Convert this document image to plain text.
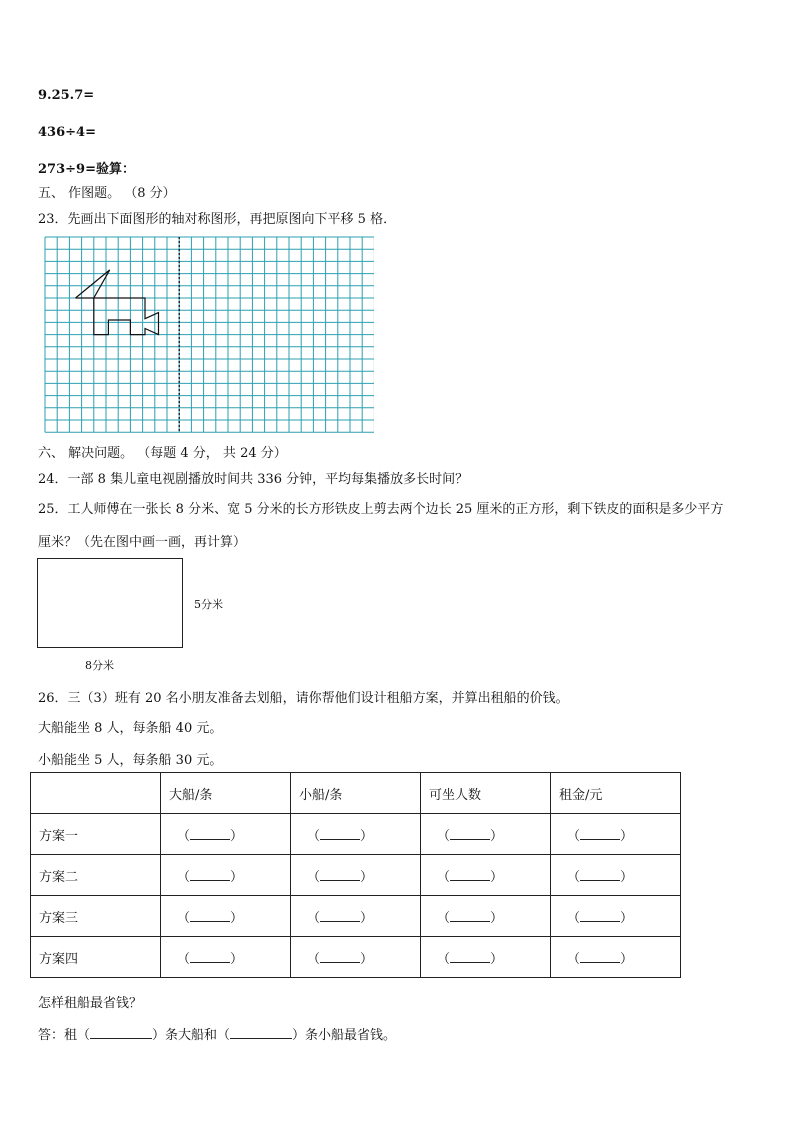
9.25.7=
436÷4=
273÷9=验算：
五、 作图题。 （8 分）
23．先画出下面图形的轴对称图形，再把原图向下平移 5 格．
六、 解决问题。 （每题 4 分， 共 24 分）
24．一部 8 集儿童电视剧播放时间共 336 分钟，平均每集播放多长时间？
25．工人师傅在一张长 8 分米、宽 5 分米的长方形铁皮上剪去两个边长 25 厘米的正方形，剩下铁皮的面积是多少平方
厘米？（先在图中画一画，再计算）
5分米
8分米
26．三（3）班有 20 名小朋友准备去划船，请你帮他们设计租船方案，并算出租船的价钱。
大船能坐 8 人，每条船 40 元。
小船能坐 5 人，每条船 30 元。
	大船/条	小船/条	可坐人数	租金/元
方案一	（ ）	（ ）	（ ）	（ ）
方案二	（ ）	（ ）	（ ）	（ ）
方案三	（ ）	（ ）	（ ）	（ ）
方案四	（ ）	（ ）	（ ）	（ ）
怎样租船最省钱？
答：租（	）条大船和（	）条小船最省钱。
